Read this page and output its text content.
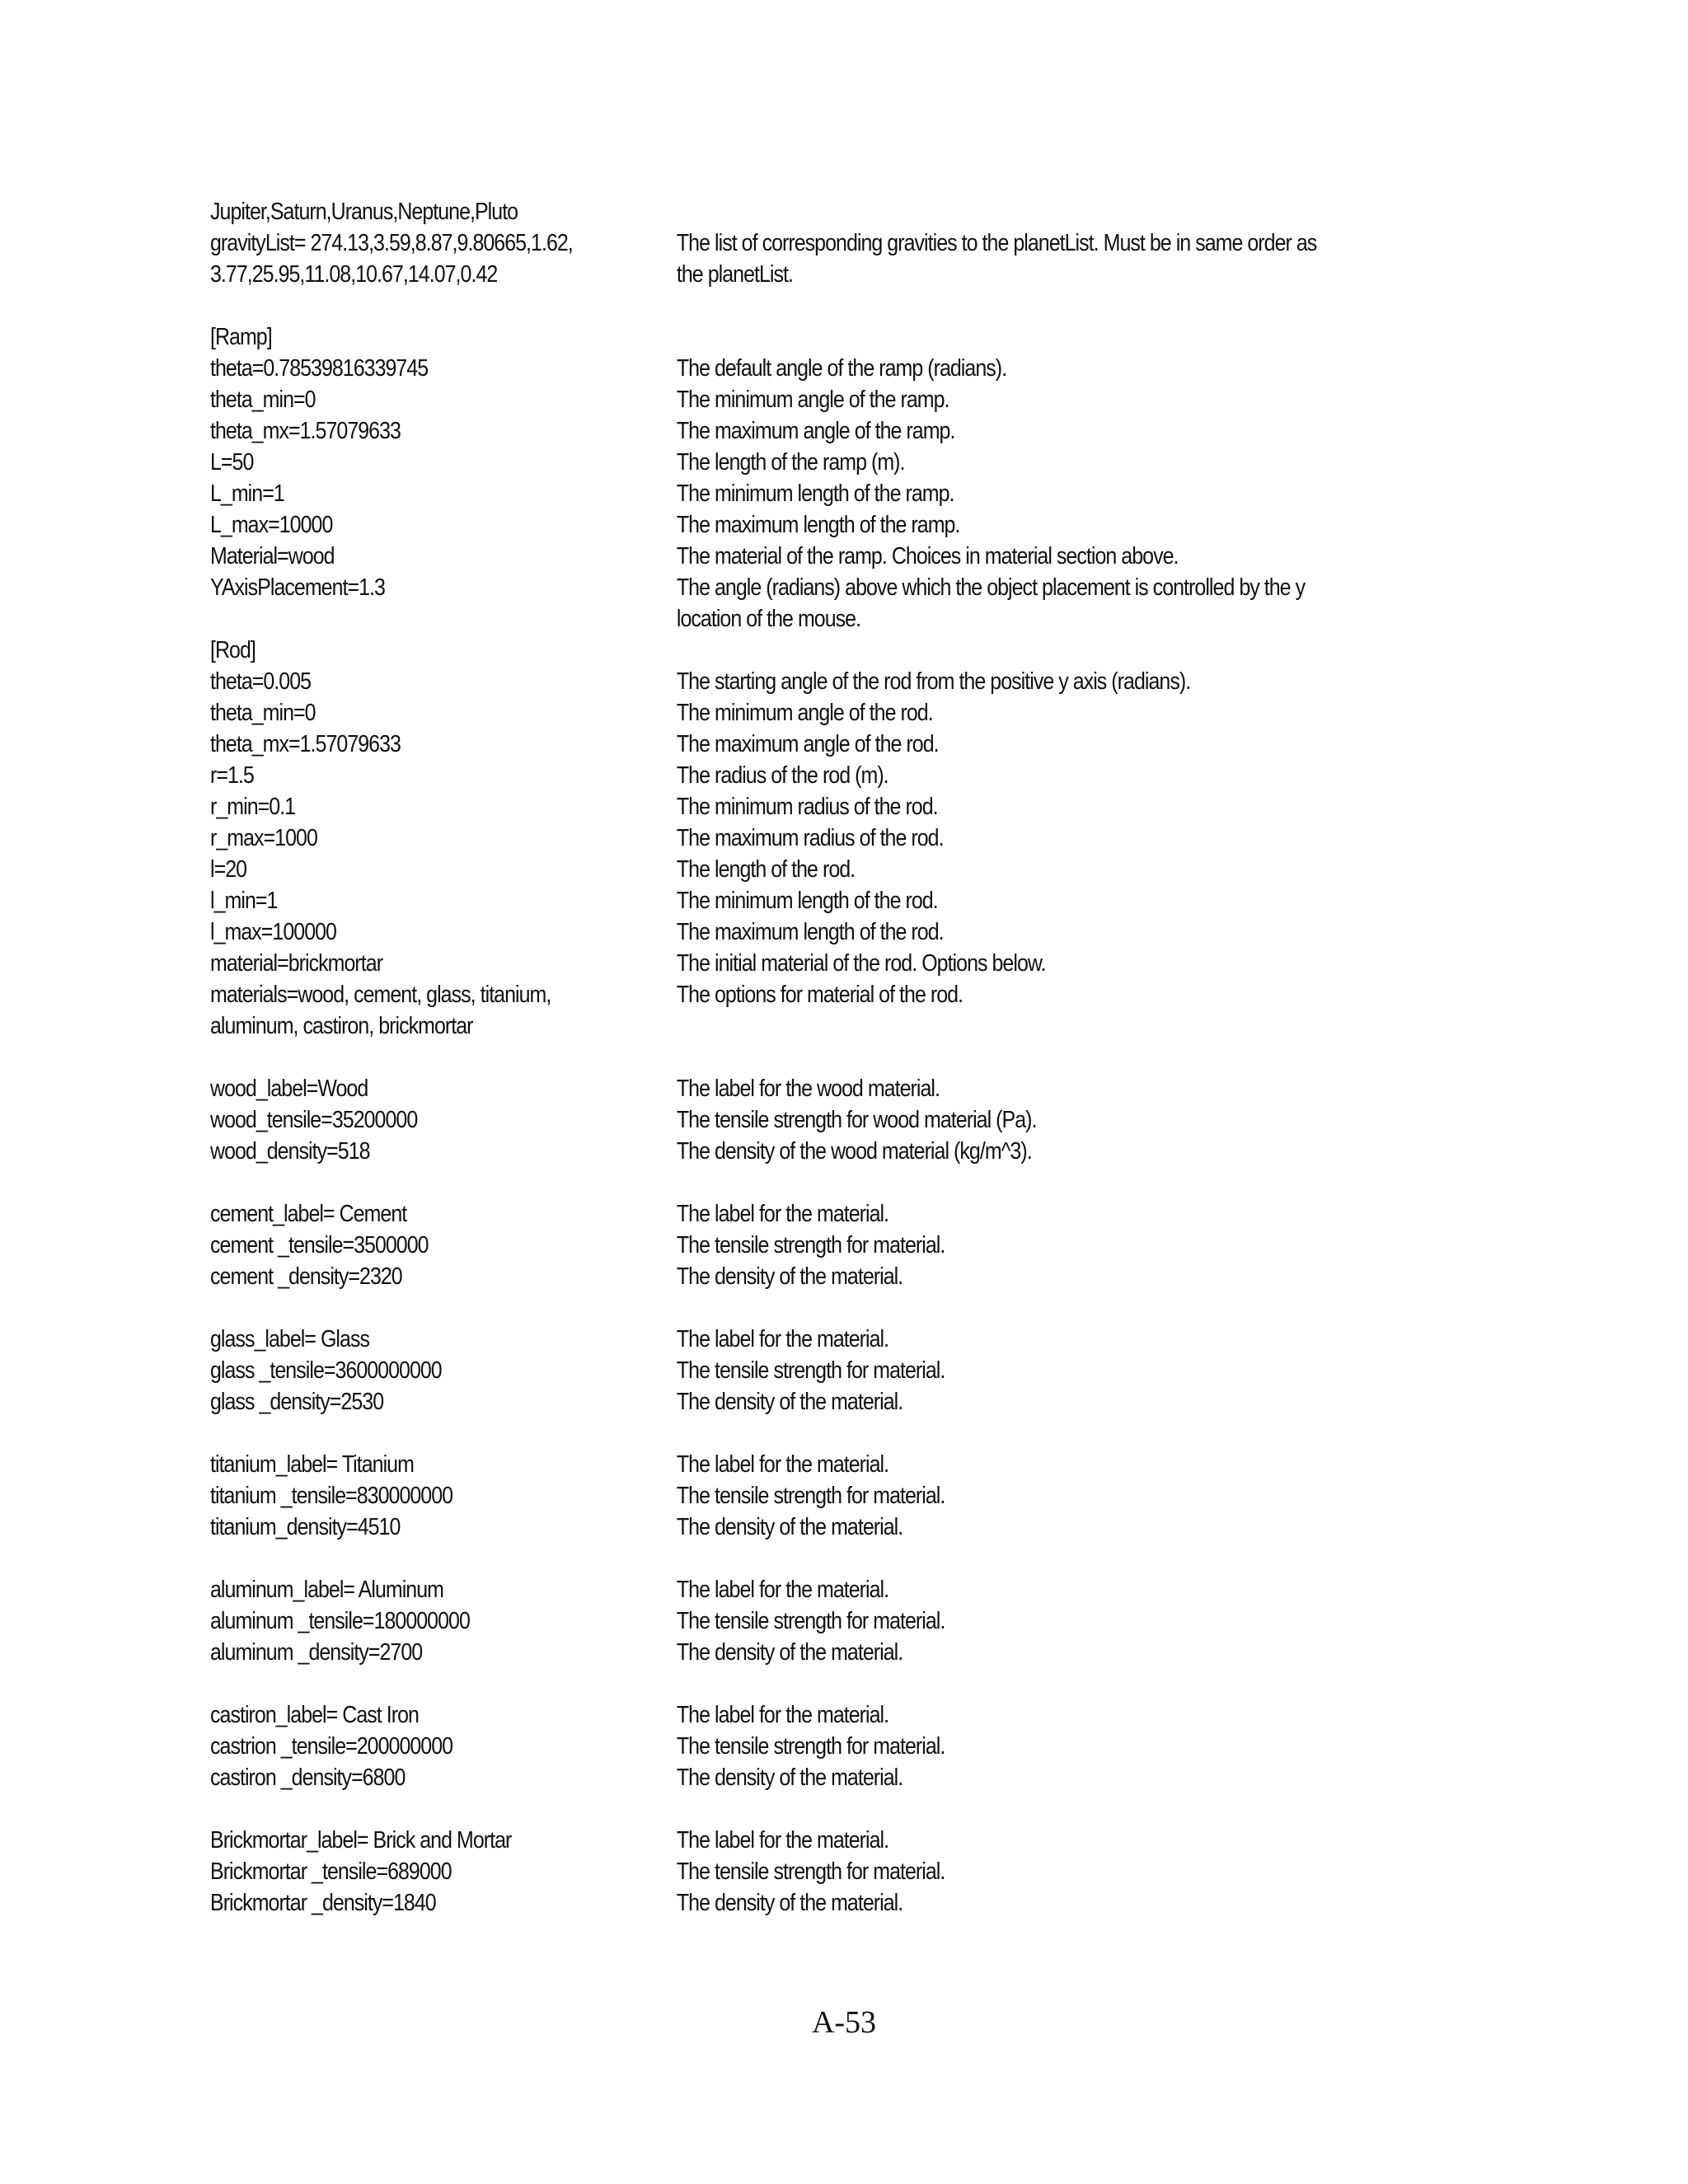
Jupiter,Saturn,Uranus,Neptune,Pluto
gravityList= 274.13,3.59,8.87,9.80665,1.62,	The list of corresponding gravities to the planetList. Must be in same order as
3.77,25.95,11.08,10.67,14.07,0.42	the planetList.
[Ramp]
theta=0.78539816339745	The default angle of the ramp (radians).
theta_min=0	The minimum angle of the ramp.
theta_mx=1.57079633	The maximum angle of the ramp.
L=50	The length of the ramp (m).
L_min=1	The minimum length of the ramp.
L_max=10000	The maximum length of the ramp.
Material=wood	The material of the ramp. Choices in material section above.
YAxisPlacement=1.3	The angle (radians) above which the object placement is controlled by the y
location of the mouse.
[Rod]
theta=0.005	The starting angle of the rod from the positive y axis (radians).
theta_min=0	The minimum angle of the rod.
theta_mx=1.57079633	The maximum angle of the rod.
r=1.5	The radius of the rod (m).
r_min=0.1	The minimum radius of the rod.
r_max=1000	The maximum radius of the rod.
l=20	The length of the rod.
l_min=1	The minimum length of the rod.
l_max=100000	The maximum length of the rod.
material=brickmortar	The initial material of the rod. Options below.
materials=wood, cement, glass, titanium,	The options for material of the rod.
aluminum, castiron, brickmortar
wood_label=Wood	The label for the wood material.
wood_tensile=35200000	The tensile strength for wood material (Pa).
wood_density=518	The density of the wood material (kg/m^3).
cement_label= Cement	The label for the material.
cement _tensile=3500000	The tensile strength for material.
cement _density=2320	The density of the material.
glass_label= Glass	The label for the material.
glass _tensile=3600000000	The tensile strength for material.
glass _density=2530	The density of the material.
titanium_label= Titanium	The label for the material.
titanium _tensile=830000000	The tensile strength for material.
titanium_density=4510	The density of the material.
aluminum_label= Aluminum	The label for the material.
aluminum _tensile=180000000	The tensile strength for material.
aluminum _density=2700	The density of the material.
castiron_label= Cast Iron	The label for the material.
castrion _tensile=200000000	The tensile strength for material.
castiron _density=6800	The density of the material.
Brickmortar_label= Brick and Mortar	The label for the material.
Brickmortar _tensile=689000	The tensile strength for material.
Brickmortar _density=1840	The density of the material.
A-53
